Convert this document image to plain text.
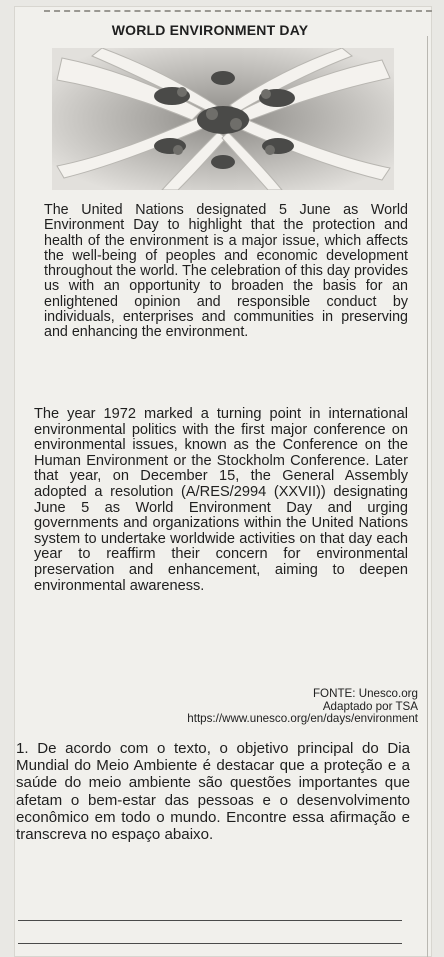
WORLD ENVIRONMENT DAY
The United Nations designated 5 June as World Environment Day to highlight that the protection and health of the environment is a major issue, which affects the well-being of peoples and economic development throughout the world. The celebration of this day provides us with an opportunity to broaden the basis for an enlightened opinion and responsible conduct by individuals, enterprises and communities in preserving and enhancing the environment.
The year 1972 marked a turning point in international environmental politics with the first major conference on environmental issues, known as the Conference on the Human Environment or the Stockholm Conference. Later that year, on December 15, the General Assembly adopted a resolution (A/RES/2994 (XXVII)) designating June 5 as World Environment Day and urging governments and organizations within the United Nations system to undertake worldwide activities on that day each year to reaffirm their concern for environmental preservation and enhancement, aiming to deepen environmental awareness.
FONTE: Unesco.org
Adaptado por TSA
https://www.unesco.org/en/days/environment
1. De acordo com o texto, o objetivo principal do Dia Mundial do Meio Ambiente é destacar que a proteção e a saúde do meio ambiente são questões importantes que afetam o bem-estar das pessoas e o desenvolvimento econômico em todo o mundo. Encontre essa afirmação e transcreva no espaço abaixo.
